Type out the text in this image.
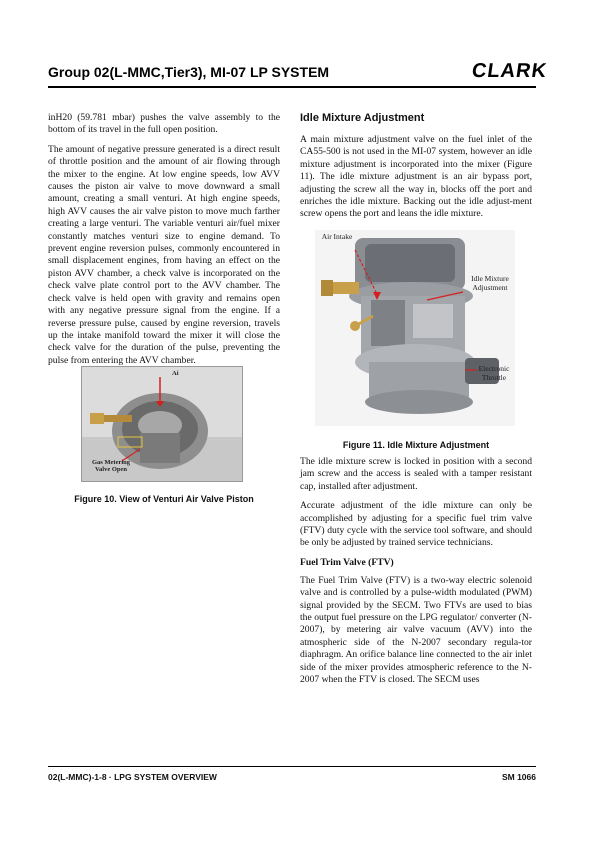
Group 02(L-MMC,Tier3), MI-07 LP SYSTEM	CLARK

inH20 (59.781 mbar) pushes the valve assembly to the bottom of its travel in the full open position.

The amount of negative pressure generated is a direct result of throttle position and the amount of air flowing through the mixer to the engine. At low engine speeds, low AVV causes the piston air valve to move downward a small amount, creating a small venturi. At high engine speeds, high AVV causes the air valve piston to move much farther creating a large venturi. The variable venturi air/fuel mixer constantly matches venturi size to engine demand. To prevent engine reversion pulses, commonly encountered in small displacement engines, from having an effect on the piston AVV chamber, a check valve is incorporated on the check valve plate control port to the AVV chamber. The check valve is held open with gravity and remains open with any negative pressure signal from the engine. If a reverse pressure pulse, caused by engine reversion, travels up the intake manifold toward the mixer it will close the check valve for the duration of the pulse, preventing the pulse from entering the AVV chamber.

Ai
Gas Metering Valve Open
Figure 10. View of Venturi Air Valve Piston
Idle Mixture Adjustment

A main mixture adjustment valve on the fuel inlet of the CA55-500 is not used in the MI-07 system, however an idle mixture adjustment is incorporated into the mixer (Figure 11). The idle mixture adjustment is an air bypass port, adjusting the screw all the way in, blocks off the port and enriches the idle mixture. Backing out the idle adjust-ment screw opens the port and leans the idle mixture.

Air Intake
Idle Mixture Adjustment
Electronic Throttle
Figure 11. Idle Mixture Adjustment

The idle mixture screw is locked in position with a second jam screw and the access is sealed with a tamper resistant cap, installed after adjustment.

Accurate adjustment of the idle mixture can only be accomplished by adjusting for a specific fuel trim valve (FTV) duty cycle with the service tool software, and should be only be adjusted by trained service technicians.

Fuel Trim Valve (FTV)

The Fuel Trim Valve (FTV) is a two-way electric solenoid valve and is controlled by a pulse-width modulated (PWM) signal provided by the SECM. Two FTVs are used to bias the output fuel pressure on the LPG regulator/ converter (N-2007), by metering air valve vacuum (AVV) into the atmospheric side of the N-2007 secondary regula-tor diaphragm. An orifice balance line connected to the air inlet side of the mixer provides atmospheric reference to the N-2007 when the FTV is closed. The SECM uses

02(L-MMC)-1-8 · LPG SYSTEM OVERVIEW	SM 1066
